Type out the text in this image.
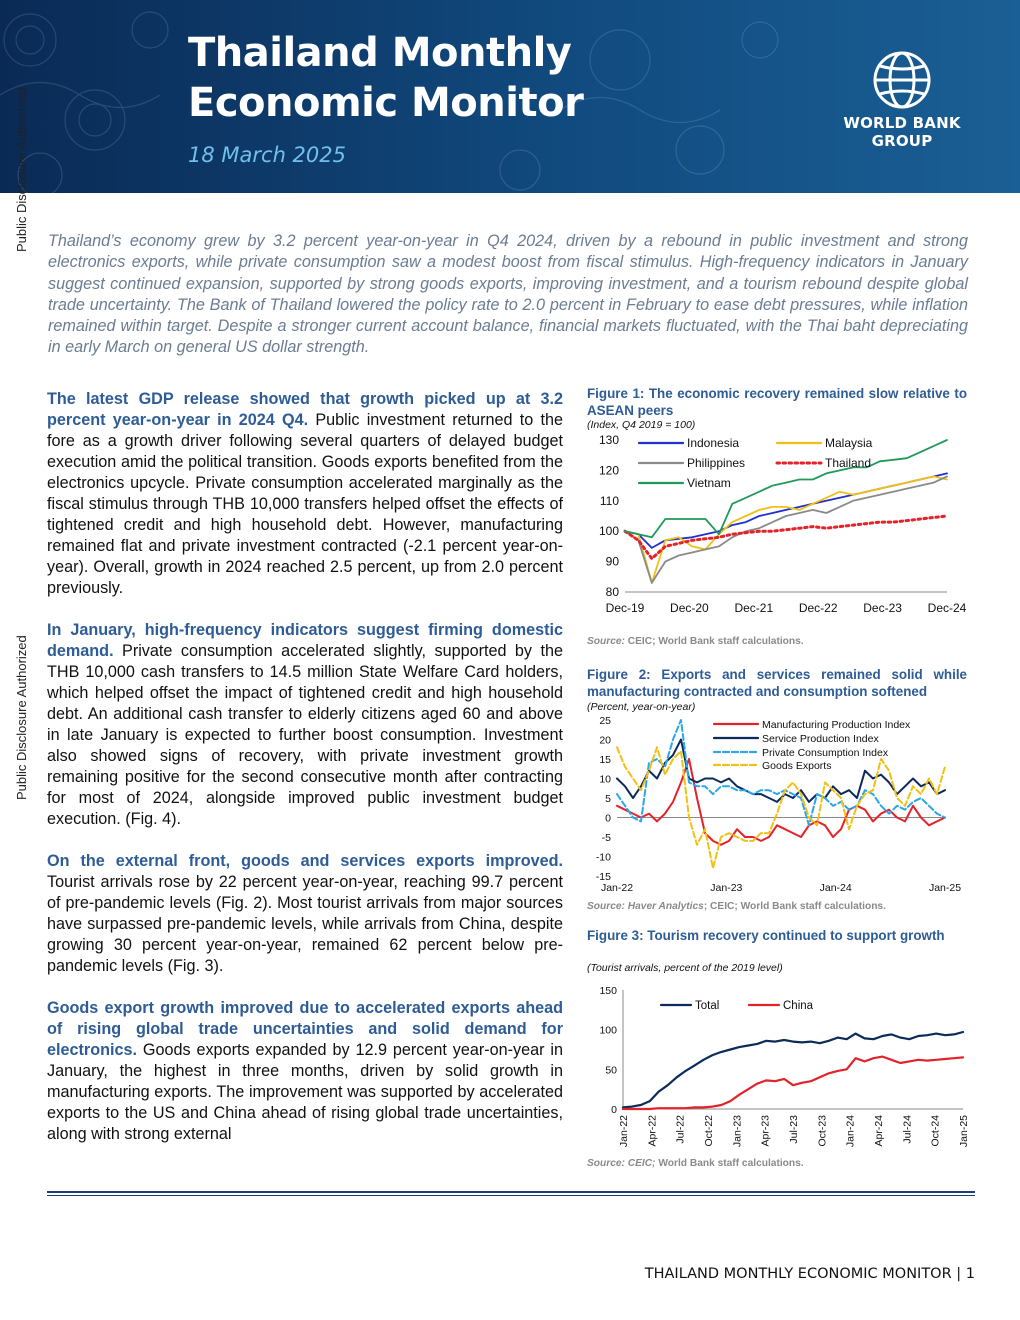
Thailand Monthly
Economic Monitor
18 March 2025
WORLD BANK GROUP
Public Disclosure Authorized
Public Disclosure Authorized
Thailand’s economy grew by 3.2 percent year-on-year in Q4 2024, driven by a rebound in public investment and strong electronics exports, while private consumption saw a modest boost from fiscal stimulus. High-frequency indicators in January suggest continued expansion, supported by strong goods exports, improving investment, and a tourism rebound despite global trade uncertainty. The Bank of Thailand lowered the policy rate to 2.0 percent in February to ease debt pressures, while inflation remained within target. Despite a stronger current account balance, financial markets fluctuated, with the Thai baht depreciating in early March on general US dollar strength.

The latest GDP release showed that growth picked up at 3.2 percent year-on-year in 2024 Q4. Public investment returned to the fore as a growth driver following several quarters of delayed budget execution amid the political transition. Goods exports benefited from the electronics upcycle. Private consumption accelerated marginally as the fiscal stimulus through THB 10,000 transfers helped offset the effects of tightened credit and high household debt. However, manufacturing remained flat and private investment contracted (-2.1 percent year-on-year). Overall, growth in 2024 reached 2.5 percent, up from 2.0 percent previously.

In January, high-frequency indicators suggest firming domestic demand. Private consumption accelerated slightly, supported by the THB 10,000 cash transfers to 14.5 million State Welfare Card holders, which helped offset the impact of tightened credit and high household debt. An additional cash transfer to elderly citizens aged 60 and above in late January is expected to further boost consumption. Investment also showed signs of recovery, with private investment growth remaining positive for the second consecutive month after contracting for most of 2024, alongside improved public investment budget execution. (Fig. 4).

On the external front, goods and services exports improved. Tourist arrivals rose by 22 percent year-on-year, reaching 99.7 percent of pre-pandemic levels (Fig. 2). Most tourist arrivals from major sources have surpassed pre-pandemic levels, while arrivals from China, despite growing 30 percent year-on-year, remained 62 percent below pre-pandemic levels (Fig. 3).

Goods export growth improved due to accelerated exports ahead of rising global trade uncertainties and solid demand for electronics. Goods exports expanded by 12.9 percent year-on-year in January, the highest in three months, driven by solid growth in manufacturing exports. The improvement was supported by accelerated exports to the US and China ahead of rising global trade uncertainties, along with strong external

Figure 1: The economic recovery remained slow relative to ASEAN peers
(Index, Q4 2019 = 100)
80
90
100
110
120
130
Dec-19 Dec-20 Dec-21 Dec-22 Dec-23 Dec-24
Indonesia	Malaysia
Philippines	Thailand
Vietnam
Source: CEIC; World Bank staff calculations.
Figure 2: Exports and services remained solid while manufacturing contracted and consumption softened
(Percent, year-on-year)
-15
-10
-5
0
5
10
15
20
25
Jan-22	Jan-23	Jan-24	Jan-25
Manufacturing Production Index
Service Production Index
Private Consumption Index
Goods Exports
Source: Haver Analytics; CEIC; World Bank staff calculations.
Figure 3: Tourism recovery continued to support growth
(Tourist arrivals, percent of the 2019 level)
0
50
100
150
Jan-22 Apr-22 Jul-22 Oct-22 Jan-23 Apr-23 Jul-23 Oct-23 Jan-24 Apr-24 Jul-24 Oct-24 Jan-25
Total	China
Source: CEIC; World Bank staff calculations.
THAILAND MONTHLY ECONOMIC MONITOR | 1
